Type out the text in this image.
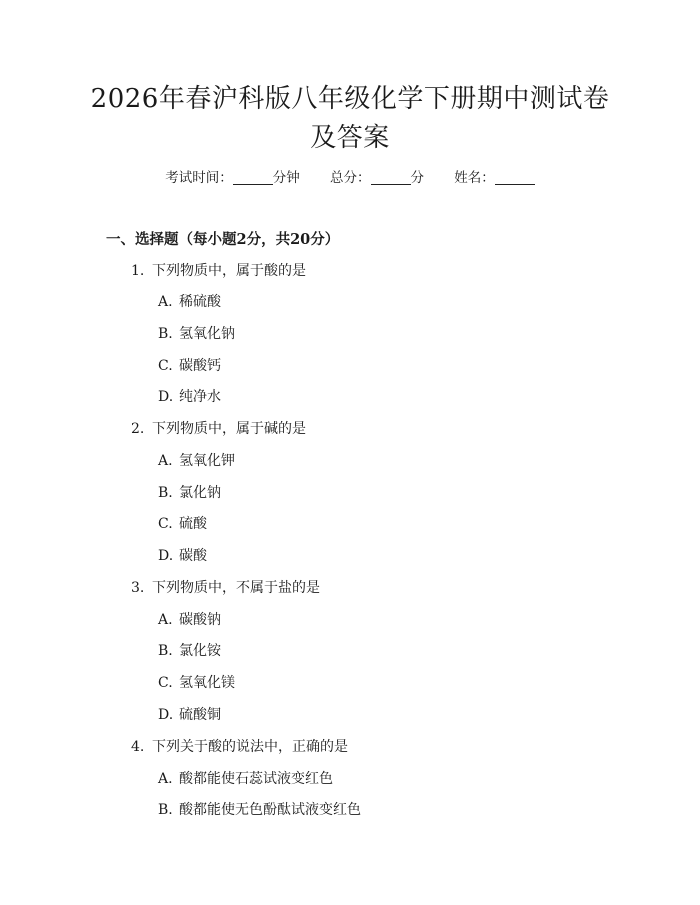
2026年春沪科版八年级化学下册期中测试卷
及答案
考试时间：	分钟 总分：	分 姓名：
一、选择题（每小题2分，共20分）
1. 下列物质中，属于酸的是
A. 稀硫酸
B. 氢氧化钠
C. 碳酸钙
D. 纯净水
2. 下列物质中，属于碱的是
A. 氢氧化钾
B. 氯化钠
C. 硫酸
D. 碳酸
3. 下列物质中，不属于盐的是
A. 碳酸钠
B. 氯化铵
C. 氢氧化镁
D. 硫酸铜
4. 下列关于酸的说法中，正确的是
A. 酸都能使石蕊试液变红色
B. 酸都能使无色酚酞试液变红色
